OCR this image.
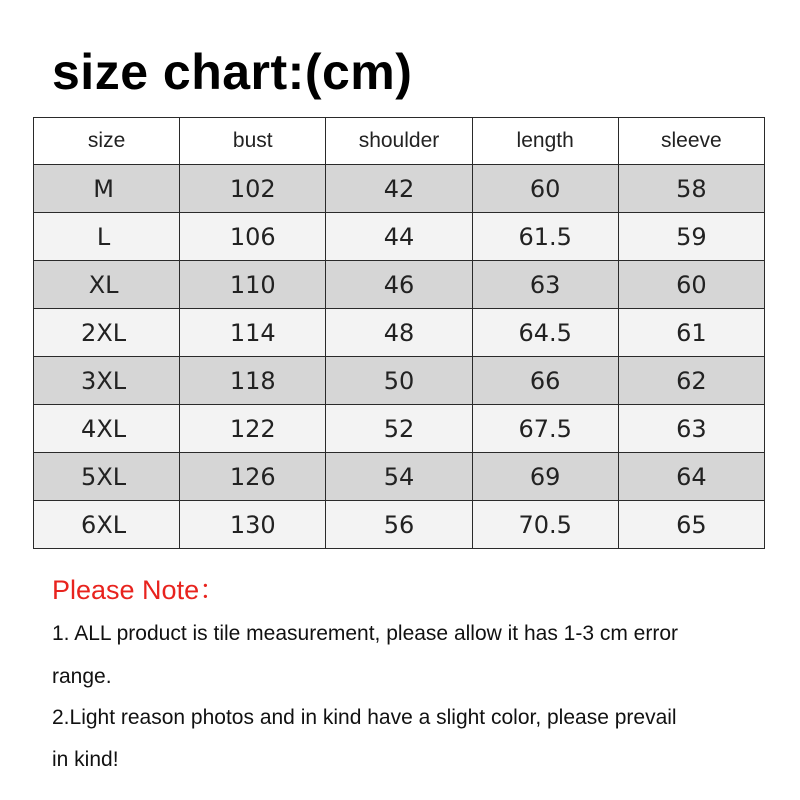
size chart:(cm)
size	bust	shoulder	length	sleeve
M	102	42	60	58
L	106	44	61.5	59
XL	110	46	63	60
2XL	114	48	64.5	61
3XL	118	50	66	62
4XL	122	52	67.5	63
5XL	126	54	69	64
6XL	130	56	70.5	65

Please Note：

1. ALL product is tile measurement, please allow it has 1-3 cm error

range.

2.Light reason photos and in kind have a slight color, please prevail

in kind!
